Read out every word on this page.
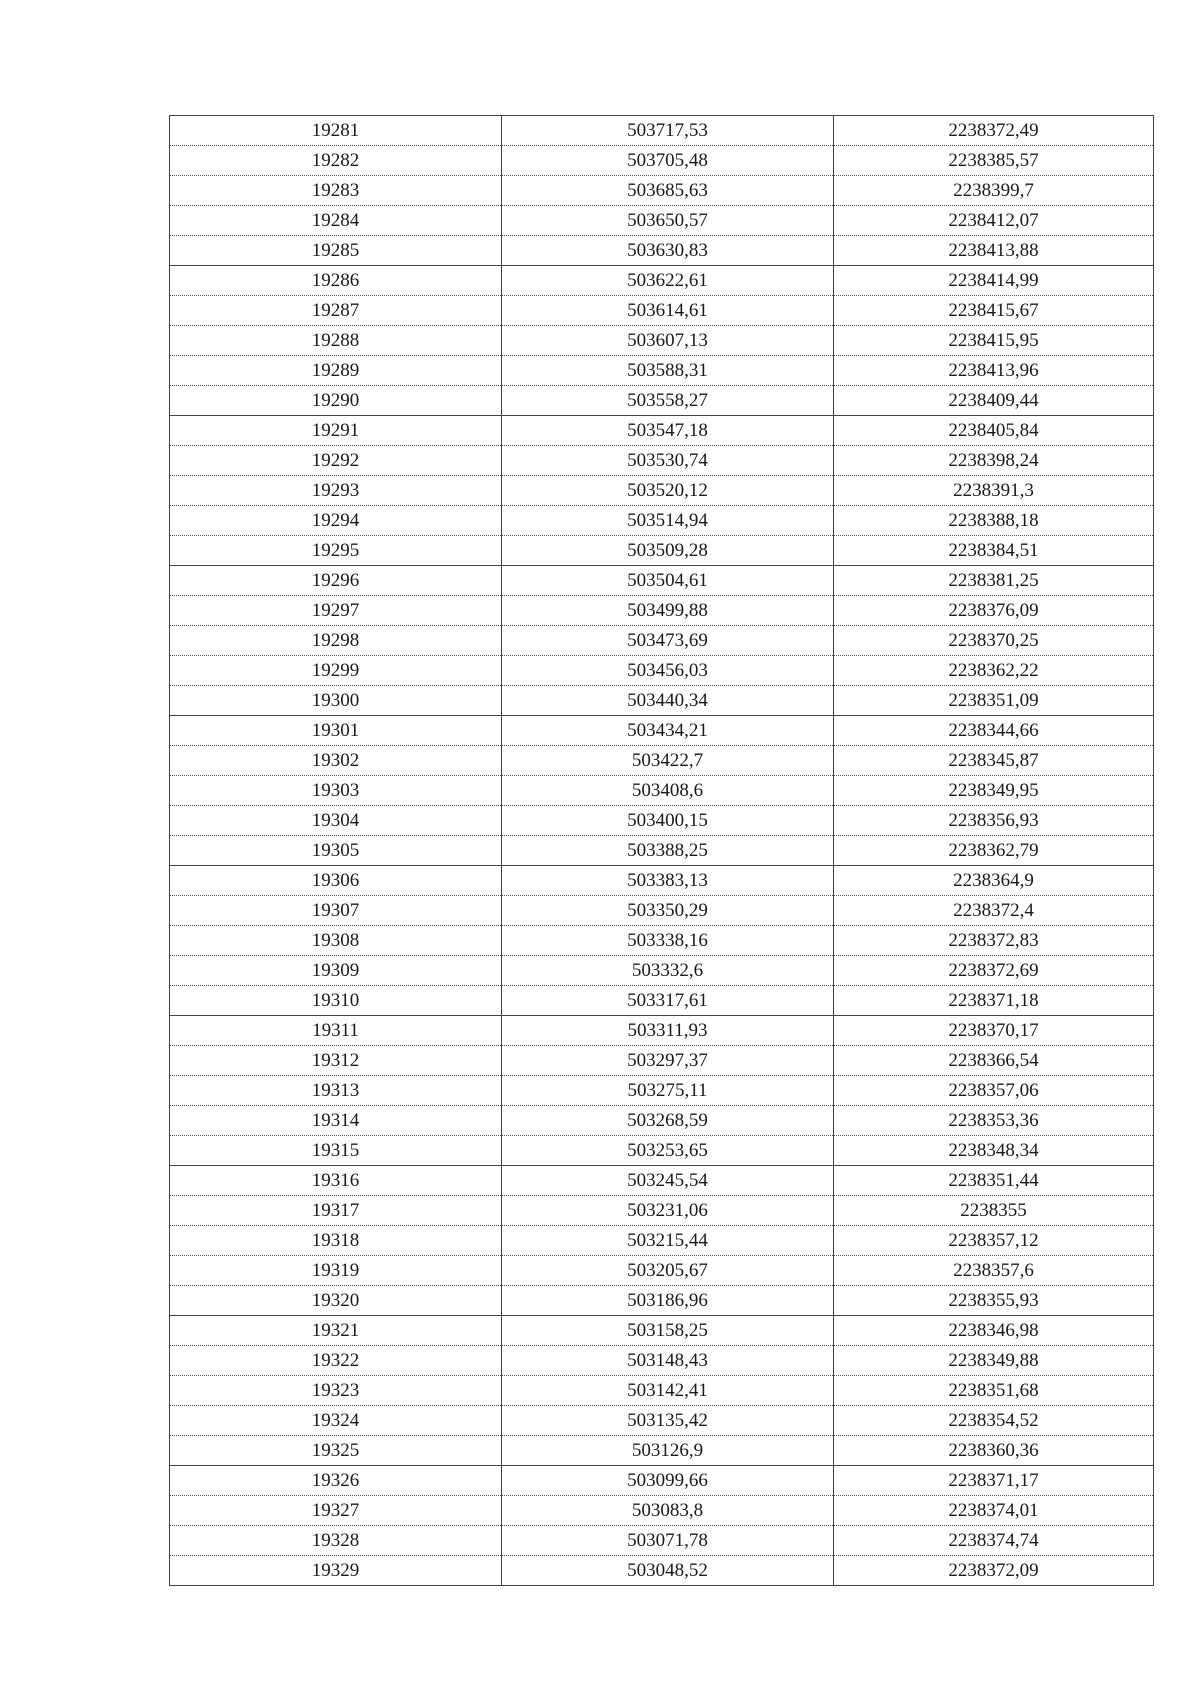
19281	503717,53	2238372,49
19282	503705,48	2238385,57
19283	503685,63	2238399,7
19284	503650,57	2238412,07
19285	503630,83	2238413,88
19286	503622,61	2238414,99
19287	503614,61	2238415,67
19288	503607,13	2238415,95
19289	503588,31	2238413,96
19290	503558,27	2238409,44
19291	503547,18	2238405,84
19292	503530,74	2238398,24
19293	503520,12	2238391,3
19294	503514,94	2238388,18
19295	503509,28	2238384,51
19296	503504,61	2238381,25
19297	503499,88	2238376,09
19298	503473,69	2238370,25
19299	503456,03	2238362,22
19300	503440,34	2238351,09
19301	503434,21	2238344,66
19302	503422,7	2238345,87
19303	503408,6	2238349,95
19304	503400,15	2238356,93
19305	503388,25	2238362,79
19306	503383,13	2238364,9
19307	503350,29	2238372,4
19308	503338,16	2238372,83
19309	503332,6	2238372,69
19310	503317,61	2238371,18
19311	503311,93	2238370,17
19312	503297,37	2238366,54
19313	503275,11	2238357,06
19314	503268,59	2238353,36
19315	503253,65	2238348,34
19316	503245,54	2238351,44
19317	503231,06	2238355
19318	503215,44	2238357,12
19319	503205,67	2238357,6
19320	503186,96	2238355,93
19321	503158,25	2238346,98
19322	503148,43	2238349,88
19323	503142,41	2238351,68
19324	503135,42	2238354,52
19325	503126,9	2238360,36
19326	503099,66	2238371,17
19327	503083,8	2238374,01
19328	503071,78	2238374,74
19329	503048,52	2238372,09
